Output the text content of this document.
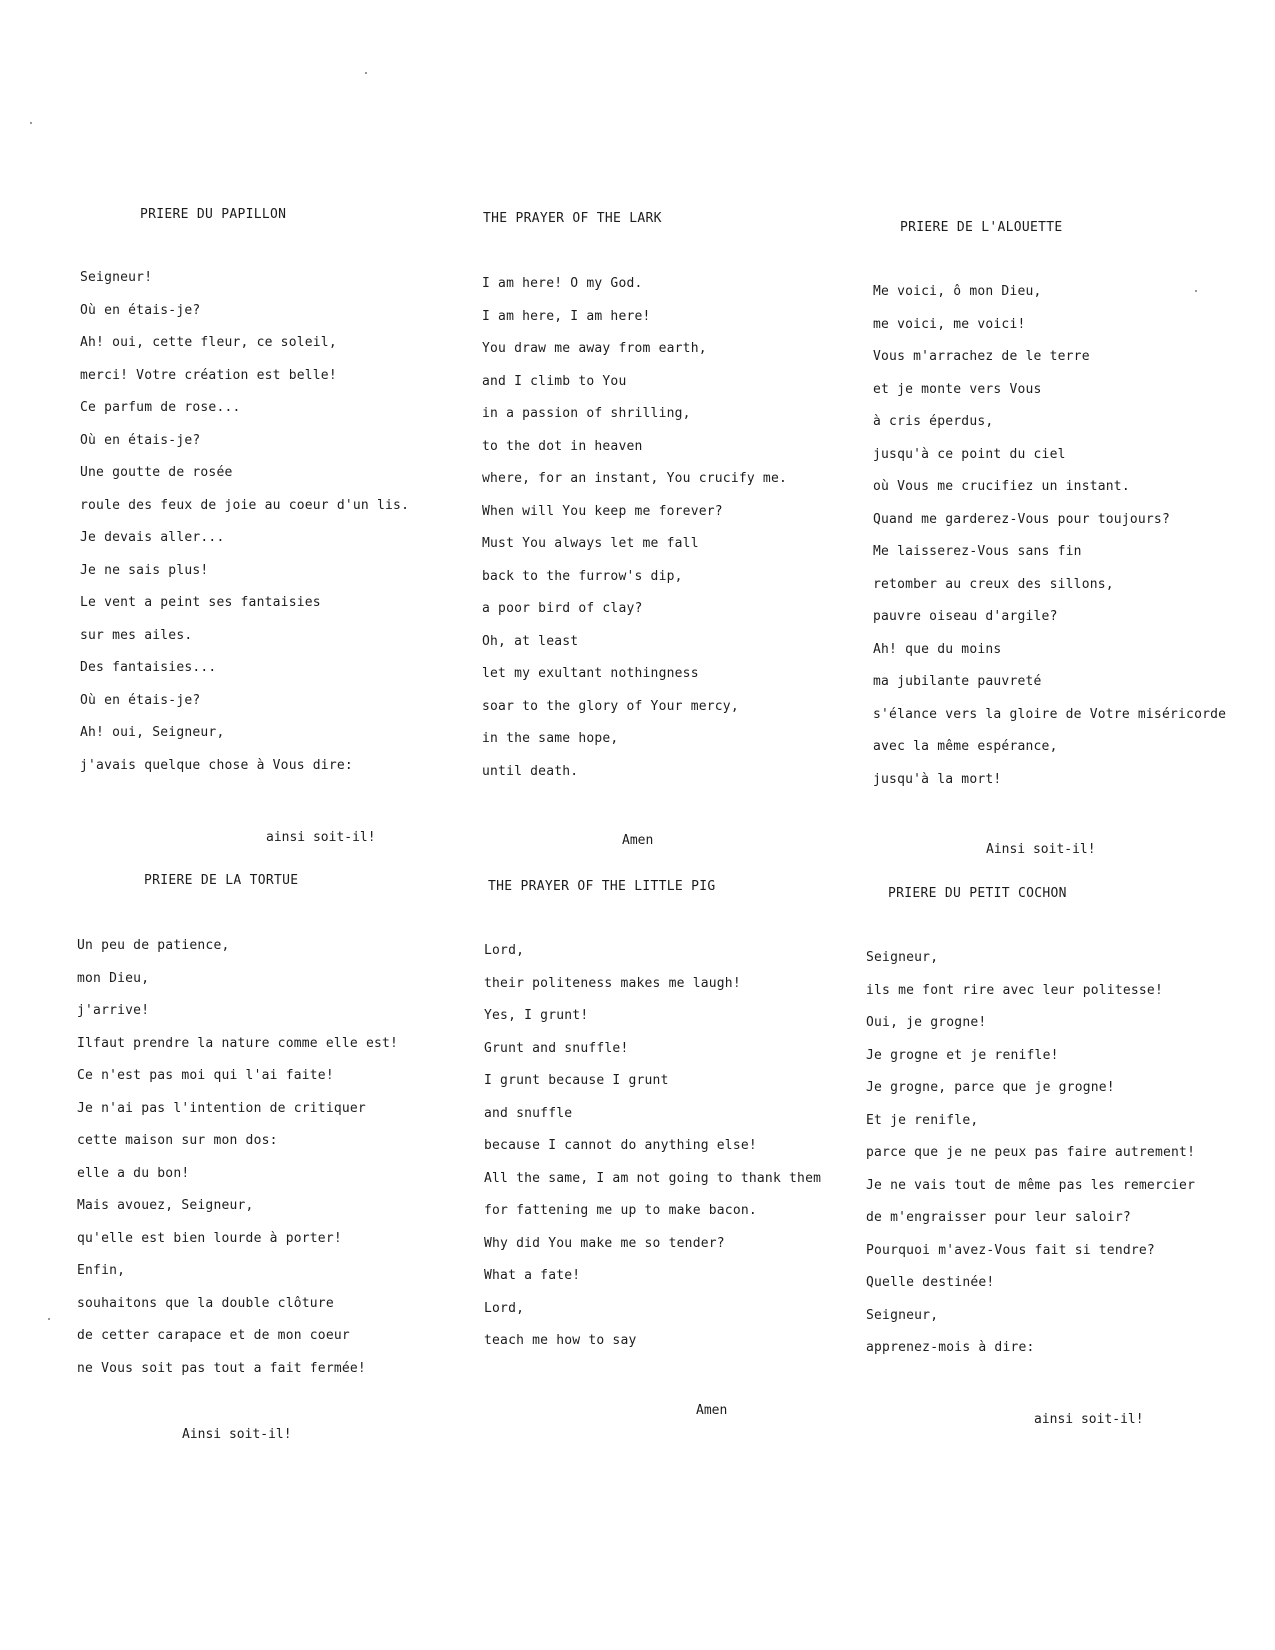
PRIERE DU PAPILLON
Seigneur!
Où en étais-je?
Ah! oui, cette fleur, ce soleil,
merci! Votre création est belle!
Ce parfum de rose...
Où en étais-je?
Une goutte de rosée
roule des feux de joie au coeur d'un lis.
Je devais aller...
Je ne sais plus!
Le vent a peint ses fantaisies
sur mes ailes.
Des fantaisies...
Où en étais-je?
Ah! oui, Seigneur,
j'avais quelque chose à Vous dire:
ainsi soit-il!
THE PRAYER OF THE LARK
I am here! O my God.
I am here, I am here!
You draw me away from earth,
and I climb to You
in a passion of shrilling,
to the dot in heaven
where, for an instant, You crucify me.
When will You keep me forever?
Must You always let me fall
back to the furrow's dip,
a poor bird of clay?
Oh, at least
let my exultant nothingness
soar to the glory of Your mercy,
in the same hope,
until death.
Amen
PRIERE DE L'ALOUETTE
Me voici, ô mon Dieu,
me voici, me voici!
Vous m'arrachez de le terre
et je monte vers Vous
à cris éperdus,
jusqu'à ce point du ciel
où Vous me crucifiez un instant.
Quand me garderez-Vous pour toujours?
Me laisserez-Vous sans fin
retomber au creux des sillons,
pauvre oiseau d'argile?
Ah! que du moins
ma jubilante pauvreté
s'élance vers la gloire de Votre miséricorde
avec la même espérance,
jusqu'à la mort!
Ainsi soit-il!
PRIERE DE LA TORTUE
Un peu de patience,
mon Dieu,
j'arrive!
Ilfaut prendre la nature comme elle est!
Ce n'est pas moi qui l'ai faite!
Je n'ai pas l'intention de critiquer
cette maison sur mon dos:
elle a du bon!
Mais avouez, Seigneur,
qu'elle est bien lourde à porter!
Enfin,
souhaitons que la double clôture
de cetter carapace et de mon coeur
ne Vous soit pas tout a fait fermée!
Ainsi soit-il!
THE PRAYER OF THE LITTLE PIG
Lord,
their politeness makes me laugh!
Yes, I grunt!
Grunt and snuffle!
I grunt because I grunt
and snuffle
because I cannot do anything else!
All the same, I am not going to thank them
for fattening me up to make bacon.
Why did You make me so tender?
What a fate!
Lord,
teach me how to say
Amen
PRIERE DU PETIT COCHON
Seigneur,
ils me font rire avec leur politesse!
Oui, je grogne!
Je grogne et je renifle!
Je grogne, parce que je grogne!
Et je renifle,
parce que je ne peux pas faire autrement!
Je ne vais tout de même pas les remercier
de m'engraisser pour leur saloir?
Pourquoi m'avez-Vous fait si tendre?
Quelle destinée!
Seigneur,
apprenez-mois à dire:
ainsi soit-il!
